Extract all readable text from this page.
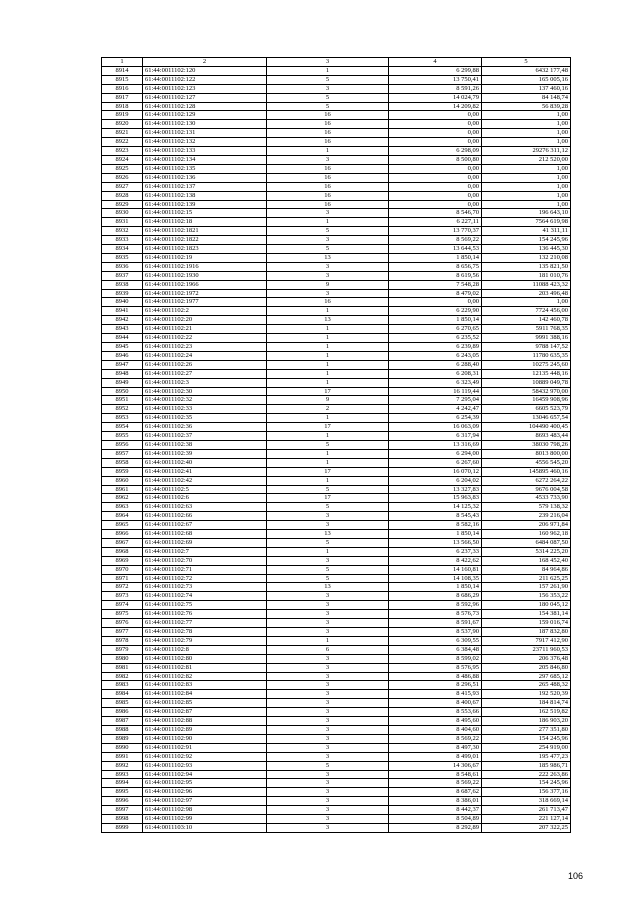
1	2	3	4	5
8914	61:44:0011102:120	1	6 299,88	6432 177,48
8915	61:44:0011102:122	5	13 750,41	165 005,16
8916	61:44:0011102:123	3	8 591,26	137 460,16
8917	61:44:0011102:127	5	14 024,79	84 148,74
8918	61:44:0011102:128	5	14 209,82	56 839,28
8919	61:44:0011102:129	16	0,00	1,00
8920	61:44:0011102:130	16	0,00	1,00
8921	61:44:0011102:131	16	0,00	1,00
8922	61:44:0011102:132	16	0,00	1,00
8923	61:44:0011102:133	1	6 298,09	29276 311,12
8924	61:44:0011102:134	3	8 500,80	212 520,00
8925	61:44:0011102:135	16	0,00	1,00
8926	61:44:0011102:136	16	0,00	1,00
8927	61:44:0011102:137	16	0,00	1,00
8928	61:44:0011102:138	16	0,00	1,00
8929	61:44:0011102:139	16	0,00	1,00
8930	61:44:0011102:15	3	8 546,70	196 643,10
8931	61:44:0011102:18	1	6 227,11	7564 619,98
8932	61:44:0011102:1821	5	13 770,37	41 311,11
8933	61:44:0011102:1822	3	8 569,22	154 245,96
8934	61:44:0011102:1823	5	13 644,53	136 445,30
8935	61:44:0011102:19	13	1 850,14	132 210,08
8936	61:44:0011102:1916	3	8 656,75	135 821,50
8937	61:44:0011102:1930	3	8 619,56	181 010,76
8938	61:44:0011102:1966	9	7 548,28	11088 423,32
8939	61:44:0011102:1972	3	8 479,02	203 496,48
8940	61:44:0011102:1977	16	0,00	1,00
8941	61:44:0011102:2	1	6 229,90	7724 456,00
8942	61:44:0011102:20	13	1 850,14	142 460,78
8943	61:44:0011102:21	1	6 270,65	5911 768,35
8944	61:44:0011102:22	1	6 235,52	9991 388,16
8945	61:44:0011102:23	1	6 239,89	9788 147,52
8946	61:44:0011102:24	1	6 243,05	11780 635,35
8947	61:44:0011102:26	1	6 288,40	10275 245,60
8948	61:44:0011102:27	1	6 208,31	12135 448,16
8949	61:44:0011102:3	1	6 323,49	10889 049,78
8950	61:44:0011102:30	17	16 119,44	58432 970,00
8951	61:44:0011102:32	9	7 295,04	16459 908,96
8952	61:44:0011102:33	2	4 242,47	6605 523,79
8953	61:44:0011102:35	1	6 254,39	13046 657,54
8954	61:44:0011102:36	17	16 063,09	104490 400,45
8955	61:44:0011102:37	1	6 317,94	8693 483,44
8956	61:44:0011102:38	5	13 316,69	38030 798,26
8957	61:44:0011102:39	1	6 294,00	8013 800,00
8958	61:44:0011102:40	1	6 267,60	4556 545,20
8959	61:44:0011102:41	17	16 070,12	145895 460,16
8960	61:44:0011102:42	1	6 204,02	6272 264,22
8961	61:44:0011102:5	5	13 327,83	9676 004,58
8962	61:44:0011102:6	17	15 963,83	4533 733,90
8963	61:44:0011102:63	5	14 125,32	579 138,32
8964	61:44:0011102:66	3	8 545,43	239 216,04
8965	61:44:0011102:67	3	8 582,16	206 971,84
8966	61:44:0011102:68	13	1 850,14	160 962,18
8967	61:44:0011102:69	5	13 566,50	6484 087,50
8968	61:44:0011102:7	1	6 237,33	5314 225,20
8969	61:44:0011102:70	3	8 422,62	168 452,40
8970	61:44:0011102:71	5	14 160,81	84 964,86
8971	61:44:0011102:72	5	14 108,35	211 625,25
8972	61:44:0011102:73	13	1 850,14	157 261,90
8973	61:44:0011102:74	3	8 686,29	156 353,22
8974	61:44:0011102:75	3	8 592,96	180 045,12
8975	61:44:0011102:76	3	8 576,73	154 381,14
8976	61:44:0011102:77	3	8 591,67	159 016,74
8977	61:44:0011102:78	3	8 537,90	187 832,80
8978	61:44:0011102:79	1	6 309,55	7917 412,90
8979	61:44:0011102:8	6	6 384,48	23711 960,53
8980	61:44:0011102:80	3	8 599,02	206 376,48
8981	61:44:0011102:81	3	8 576,95	205 846,80
8982	61:44:0011102:82	3	8 486,88	297 685,12
8983	61:44:0011102:83	3	8 296,51	265 488,32
8984	61:44:0011102:84	3	8 415,93	192 520,39
8985	61:44:0011102:85	3	8 400,67	184 814,74
8986	61:44:0011102:87	3	8 553,66	162 519,82
8987	61:44:0011102:88	3	8 495,60	186 903,20
8988	61:44:0011102:89	3	8 404,60	277 351,80
8989	61:44:0011102:90	3	8 569,22	154 245,96
8990	61:44:0011102:91	3	8 497,30	254 919,00
8991	61:44:0011102:92	3	8 499,01	195 477,23
8992	61:44:0011102:93	5	14 306,67	185 986,71
8993	61:44:0011102:94	3	8 548,61	222 263,86
8994	61:44:0011102:95	3	8 569,22	154 245,96
8995	61:44:0011102:96	3	8 687,62	156 377,16
8996	61:44:0011102:97	3	8 386,01	318 669,14
8997	61:44:0011102:98	3	8 442,37	261 713,47
8998	61:44:0011102:99	3	8 504,89	221 127,14
8999	61:44:0011103:10	3	8 292,89	207 322,25
106
